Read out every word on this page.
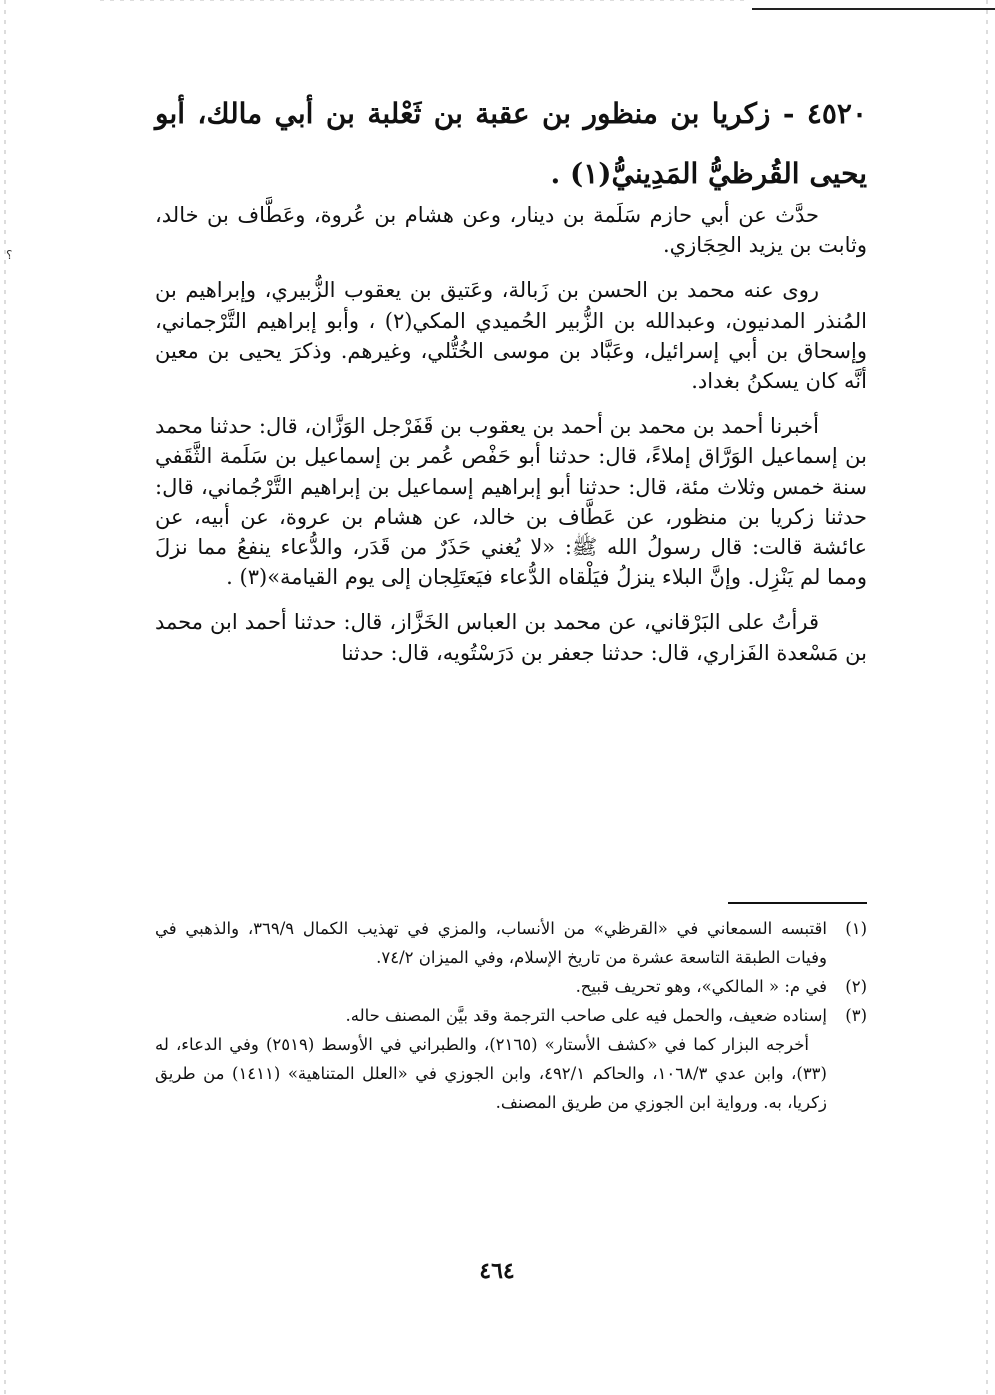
؟
٤٥٢٠ - زكريا بن منظور بن عقبة بن ثَعْلبة بن أبي مالك، أبو يحيى القُرظيُّ المَدِينيُّ(١) .

حدَّث عن أبي حازم سَلَمة بن دينار، وعن هشام بن عُروة، وعَطَّاف بن خالد، وثابت بن يزيد الحِجَازي.

روى عنه محمد بن الحسن بن زَبالة، وعَتيق بن يعقوب الزُّبيري، وإبراهيم بن المُنذر المدنيون، وعبدالله بن الزُّبير الحُميدي المكي(٢) ، وأبو إبراهيم التَّرْجماني، وإسحاق بن أبي إسرائيل، وعَبَّاد بن موسى الخُتُّلي، وغيرهم. وذكرَ يحيى بن معين أنَّه كان يسكنُ بغداد.

أخبرنا أحمد بن محمد بن أحمد بن يعقوب بن قَفَرْجل الوَزَّان، قال: حدثنا محمد بن إسماعيل الوَرَّاق إملاءً، قال: حدثنا أبو حَفْص عُمر بن إسماعيل بن سَلَمة الثَّقَفي سنة خمس وثلاث مئة، قال: حدثنا أبو إبراهيم إسماعيل بن إبراهيم التَّرْجُماني، قال: حدثنا زكريا بن منظور، عن عَطَّاف بن خالد، عن هشام بن عروة، عن أبيه، عن عائشة قالت: قال رسولُ الله ﷺ: «لا يُغني حَذَرٌ من قَدَر، والدُّعاء ينفعُ مما نزلَ ومما لم يَنْزِل. وإنَّ البلاء ينزلُ فيَلْقاه الدُّعاء فيَعتَلِجان إلى يوم القيامة»(٣) .

قرأتُ على البَرْقاني، عن محمد بن العباس الخَزَّاز، قال: حدثنا أحمد ابن محمد بن مَسْعدة الفَزاري، قال: حدثنا جعفر بن دَرَسْتُويه، قال: حدثنا

(١)
اقتبسه السمعاني في «القرظي» من الأنساب، والمزي في تهذيب الكمال ٣٦٩/٩، والذهبي في وفيات الطبقة التاسعة عشرة من تاريخ الإسلام، وفي الميزان ٧٤/٢.
(٢)
في م: « المالكي»، وهو تحريف قبيح.
(٣)
إسناده ضعيف، والحمل فيه على صاحب الترجمة وقد بيَّن المصنف حاله.
أخرجه البزار كما في «كشف الأستار» (٢١٦٥)، والطبراني في الأوسط (٢٥١٩) وفي الدعاء، له (٣٣)، وابن عدي ١٠٦٨/٣، والحاكم ٤٩٢/١، وابن الجوزي في «العلل المتناهية» (١٤١١) من طريق زكريا، به. ورواية ابن الجوزي من طريق المصنف.
٤٦٤
